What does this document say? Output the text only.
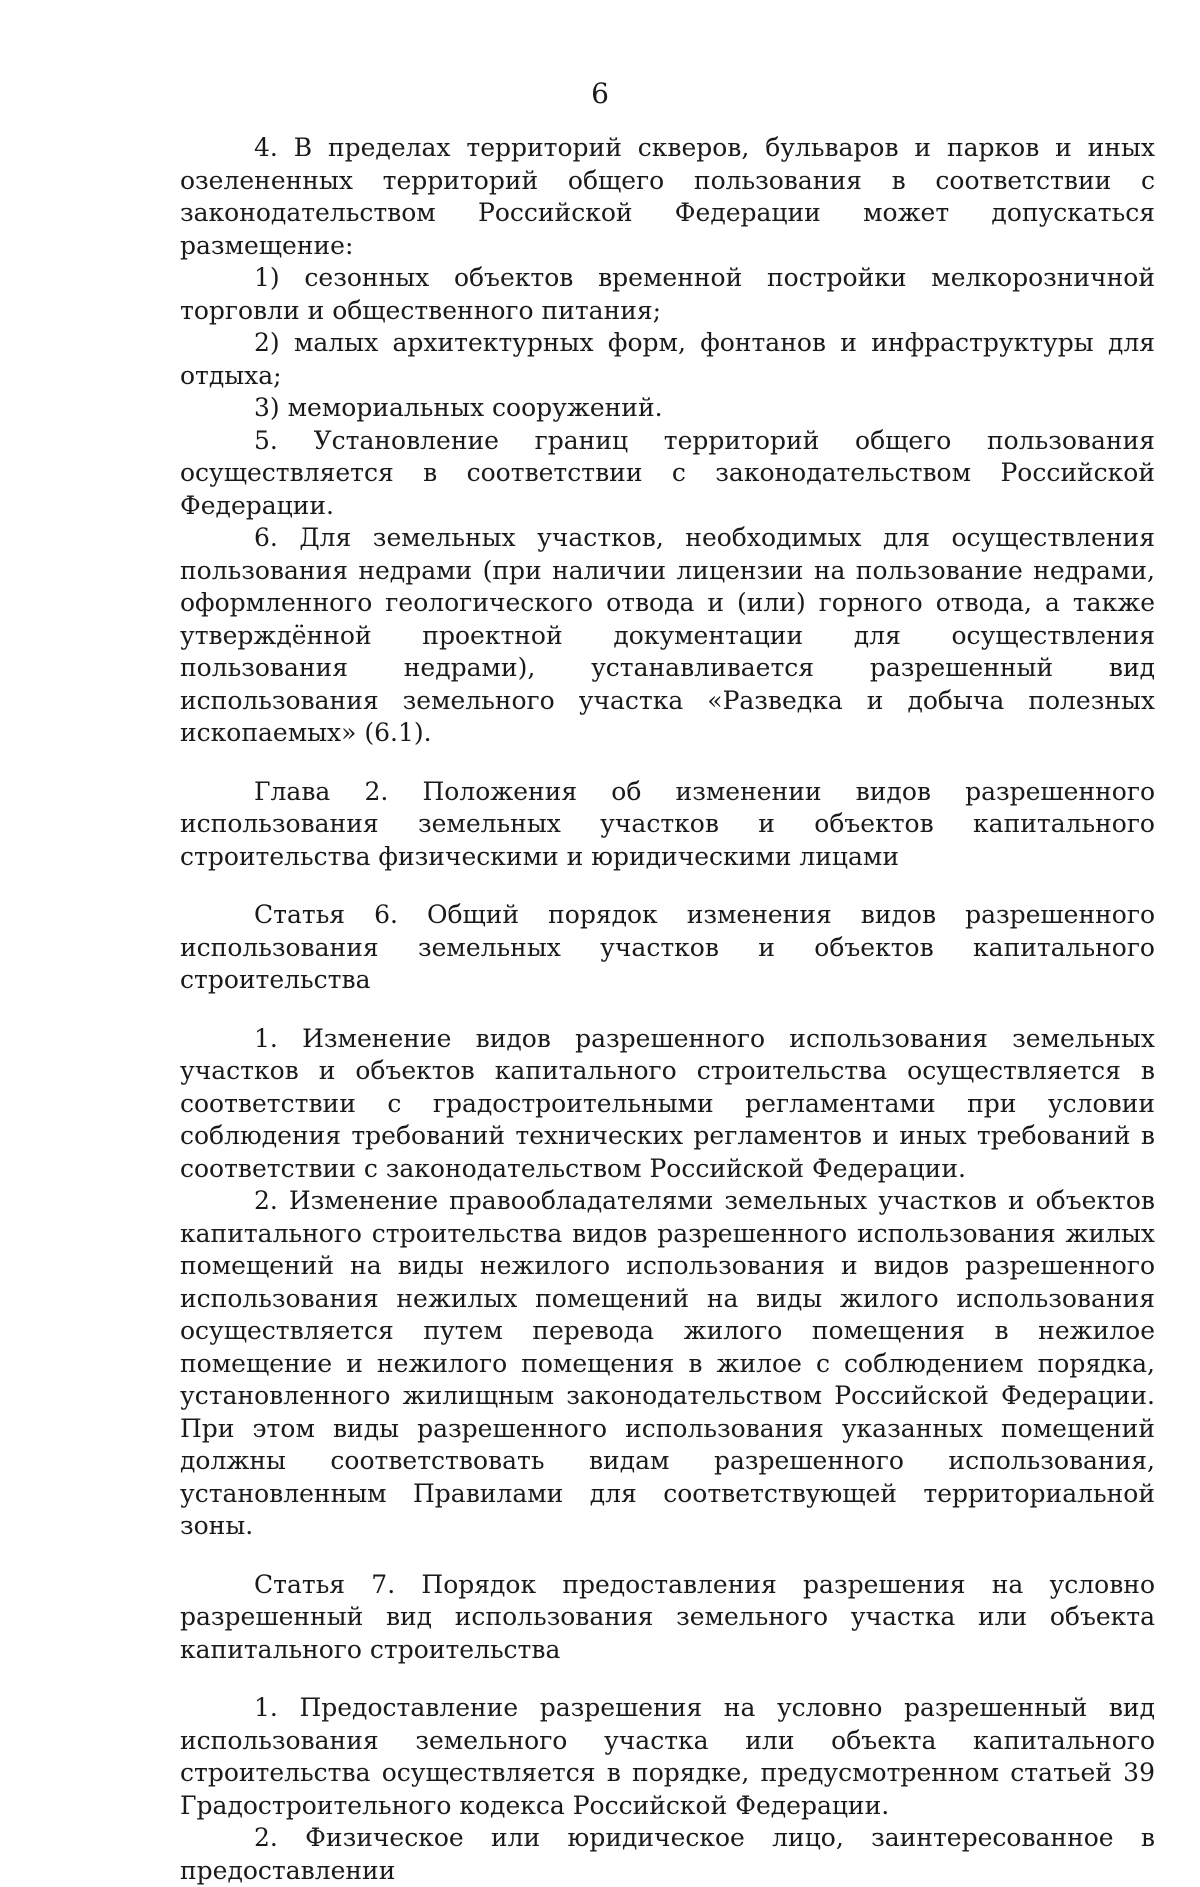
6

4. В пределах территорий скверов, бульваров и парков и иных озелененных территорий общего пользования в соответствии с законодательством Российской Федерации может допускаться размещение:

1) сезонных объектов временной постройки мелкорозничной торговли и общественного питания;

2) малых архитектурных форм, фонтанов и инфраструктуры для отдыха;

3) мемориальных сооружений.

5. Установление границ территорий общего пользования осуществляется в соответствии с законодательством Российской Федерации.

6. Для земельных участков, необходимых для осуществления пользования недрами (при наличии лицензии на пользование недрами, оформленного геологического отвода и (или) горного отвода, а также утверждённой проектной документации для осуществления пользования недрами), устанавливается разрешенный вид использования земельного участка «Разведка и добыча полезных ископаемых» (6.1).

Глава 2. Положения об изменении видов разрешенного использования земельных участков и объектов капитального строительства физическими и юридическими лицами

Статья 6. Общий порядок изменения видов разрешенного использования земельных участков и объектов капитального строительства

1. Изменение видов разрешенного использования земельных участков и объектов капитального строительства осуществляется в соответствии с градостроительными регламентами при условии соблюдения требований технических регламентов и иных требований в соответствии с законодательством Российской Федерации.

2. Изменение правообладателями земельных участков и объектов капитального строительства видов разрешенного использования жилых помещений на виды нежилого использования и видов разрешенного использования нежилых помещений на виды жилого использования осуществляется путем перевода жилого помещения в нежилое помещение и нежилого помещения в жилое с соблюдением порядка, установленного жилищным законодательством Российской Федерации. При этом виды разрешенного использования указанных помещений должны соответствовать видам разрешенного использования, установленным Правилами для соответствующей территориальной зоны.

Статья 7. Порядок предоставления разрешения на условно разрешенный вид использования земельного участка или объекта капитального строительства

1. Предоставление разрешения на условно разрешенный вид использования земельного участка или объекта капитального строительства осуществляется в порядке, предусмотренном статьей 39 Градостроительного кодекса Российской Федерации.

2. Физическое или юридическое лицо, заинтересованное в предоставлении
